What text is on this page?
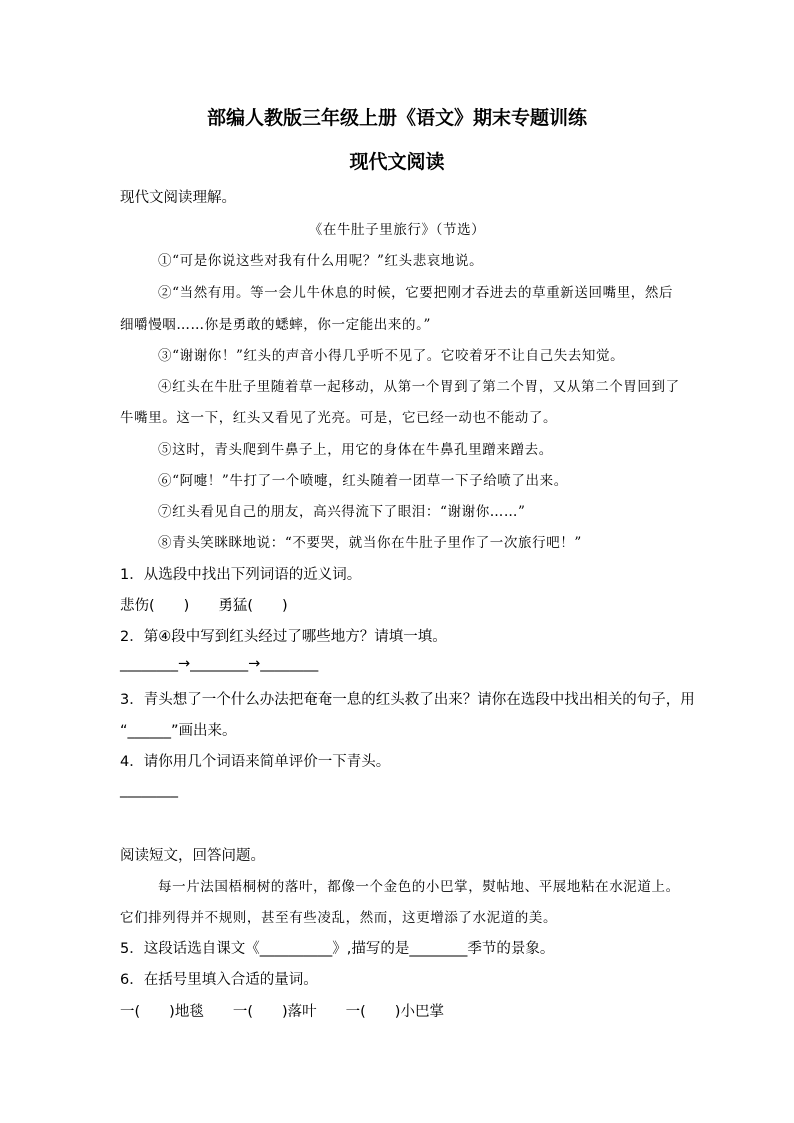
部编人教版三年级上册《语文》期末专题训练
现代文阅读
现代文阅读理解。
《在牛肚子里旅行》（节选）
①“可是你说这些对我有什么用呢？”红头悲哀地说。
②“当然有用。等一会儿牛休息的时候，它要把刚才吞进去的草重新送回嘴里，然后
细嚼慢咽……你是勇敢的蟋蟀，你一定能出来的。”
③“谢谢你！”红头的声音小得几乎听不见了。它咬着牙不让自己失去知觉。
④红头在牛肚子里随着草一起移动，从第一个胃到了第二个胃，又从第二个胃回到了
牛嘴里。这一下，红头又看见了光亮。可是，它已经一动也不能动了。
⑤这时，青头爬到牛鼻子上，用它的身体在牛鼻孔里蹭来蹭去。
⑥“阿嚏！”牛打了一个喷嚏，红头随着一团草一下子给喷了出来。
⑦红头看见自己的朋友，高兴得流下了眼泪：“谢谢你……”
⑧青头笑眯眯地说：“不要哭，就当你在牛肚子里作了一次旅行吧！”
1．从选段中找出下列词语的近义词。
悲伤(　　)　　勇猛(　　)
2．第④段中写到红头经过了哪些地方？请填一填。
________→________→________
3．青头想了一个什么办法把奄奄一息的红头救了出来？请你在选段中找出相关的句子，用
“______”画出来。
4．请你用几个词语来简单评价一下青头。
________
阅读短文，回答问题。
每一片法国梧桐树的落叶，都像一个金色的小巴掌，熨帖地、平展地粘在水泥道上。
它们排列得并不规则，甚至有些凌乱，然而，这更增添了水泥道的美。
5．这段话选自课文《__________》,描写的是________季节的景象。
6．在括号里填入合适的量词。
一(　　)地毯　　一(　　)落叶　　一(　　)小巴掌
